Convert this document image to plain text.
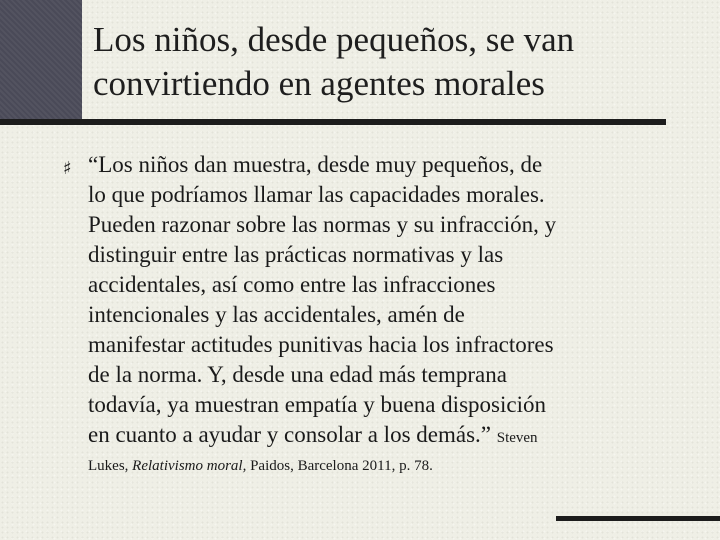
Los niños, desde pequeños, se van
convirtiendo en agentes morales
♯ “Los niños dan muestra, desde muy pequeños, de
lo que podríamos llamar las capacidades morales.
Pueden razonar sobre las normas y su infracción, y
distinguir entre las prácticas normativas y las
accidentales, así como entre las infracciones
intencionales y las accidentales, amén de
manifestar actitudes punitivas hacia los infractores
de la norma. Y, desde una edad más temprana
todavía, ya muestran empatía y buena disposición
en cuanto a ayudar y consolar a los demás.” Steven
Lukes, Relativismo moral, Paidos, Barcelona 2011, p. 78.
